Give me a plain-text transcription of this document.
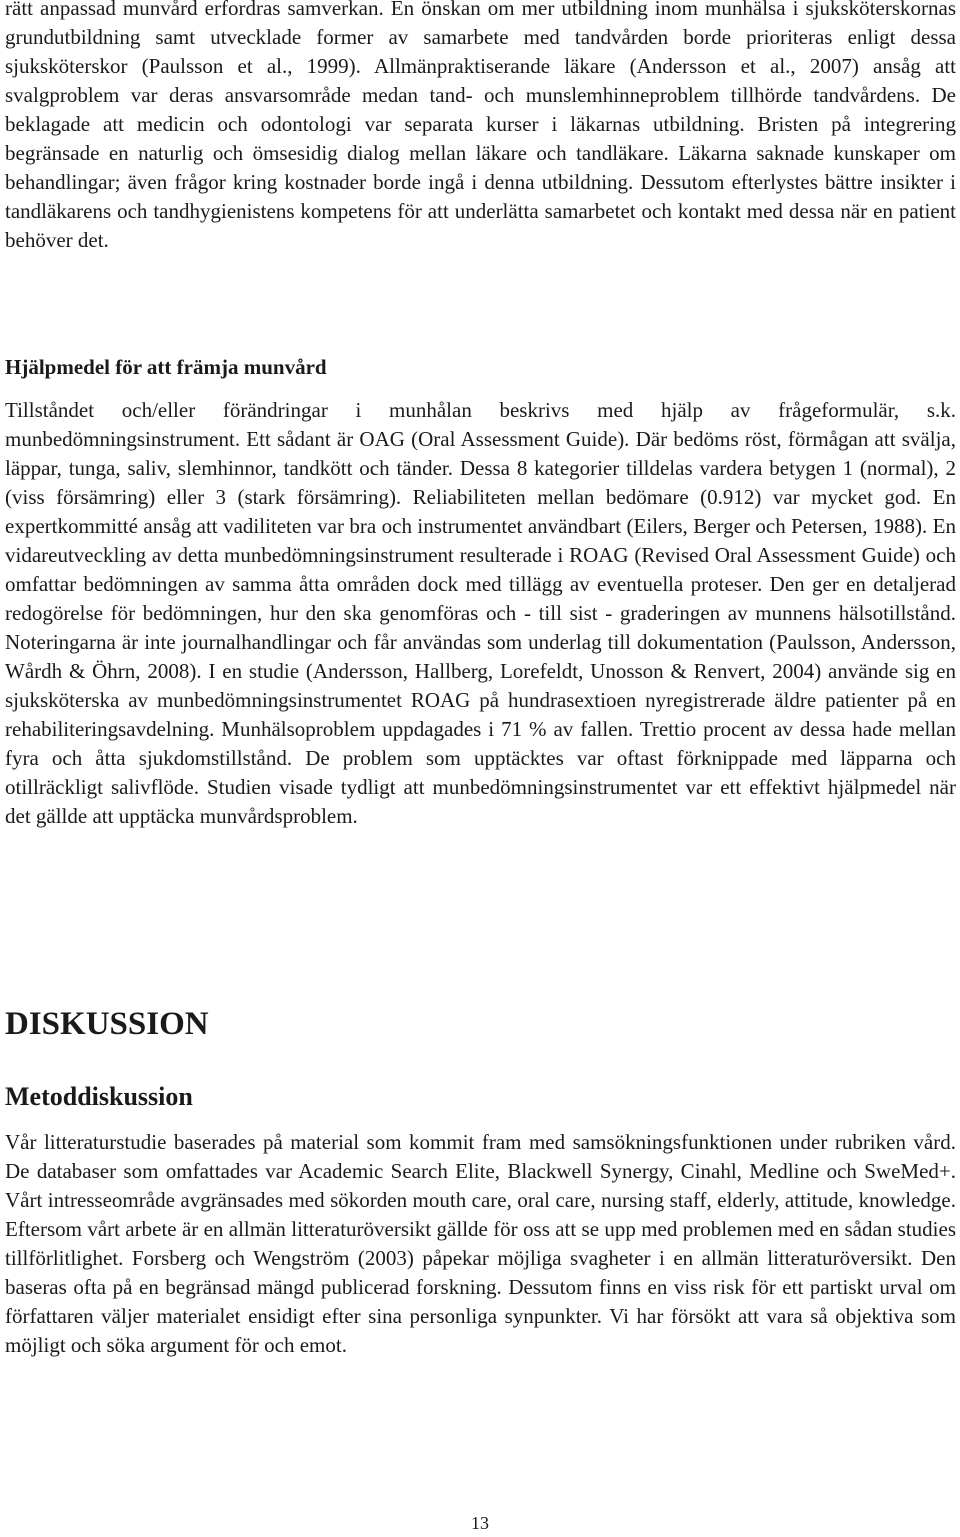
rätt anpassad munvård erfordras samverkan. En önskan om mer utbildning inom munhälsa i sjuksköterskornas grundutbildning samt utvecklade former av samarbete med tandvården borde prioriteras enligt dessa sjuksköterskor (Paulsson et al., 1999). Allmänpraktiserande läkare (Andersson et al., 2007) ansåg att svalgproblem var deras ansvarsområde medan tand- och munslemhinneproblem tillhörde tandvårdens. De beklagade att medicin och odontologi var separata kurser i läkarnas utbildning. Bristen på integrering begränsade en naturlig och ömsesidig dialog mellan läkare och tandläkare. Läkarna saknade kunskaper om behandlingar; även frågor kring kostnader borde ingå i denna utbildning. Dessutom efterlystes bättre insikter i tandläkarens och tandhygienistens kompetens för att underlätta samarbetet och kontakt med dessa när en patient behöver det.

Hjälpmedel för att främja munvård

Tillståndet och/eller förändringar i munhålan beskrivs med hjälp av frågeformulär, s.k. munbedömningsinstrument. Ett sådant är OAG (Oral Assessment Guide). Där bedöms röst, förmågan att svälja, läppar, tunga, saliv, slemhinnor, tandkött och tänder. Dessa 8 kategorier tilldelas vardera betygen 1 (normal), 2 (viss försämring) eller 3 (stark försämring). Reliabiliteten mellan bedömare (0.912) var mycket god. En expertkommitté ansåg att vadiliteten var bra och instrumentet användbart (Eilers, Berger och Petersen, 1988). En vidareutveckling av detta munbedömningsinstrument resulterade i ROAG (Revised Oral Assessment Guide) och omfattar bedömningen av samma åtta områden dock med tillägg av eventuella proteser. Den ger en detaljerad redogörelse för bedömningen, hur den ska genomföras och - till sist - graderingen av munnens hälsotillstånd. Noteringarna är inte journalhandlingar och får användas som underlag till dokumentation (Paulsson, Andersson, Wårdh & Öhrn, 2008). I en studie (Andersson, Hallberg, Lorefeldt, Unosson & Renvert, 2004) använde sig en sjuksköterska av munbedömningsinstrumentet ROAG på hundrasextioen nyregistrerade äldre patienter på en rehabiliteringsavdelning. Munhälsoproblem uppdagades i 71 % av fallen. Trettio procent av dessa hade mellan fyra och åtta sjukdomstillstånd. De problem som upptäcktes var oftast förknippade med läpparna och otillräckligt salivflöde. Studien visade tydligt att munbedömningsinstrumentet var ett effektivt hjälpmedel när det gällde att upptäcka munvårdsproblem.

DISKUSSION
Metoddiskussion

Vår litteraturstudie baserades på material som kommit fram med samsökningsfunktionen under rubriken vård. De databaser som omfattades var Academic Search Elite, Blackwell Synergy, Cinahl, Medline och SweMed+. Vårt intresseområde avgränsades med sökorden mouth care, oral care, nursing staff, elderly, attitude, knowledge. Eftersom vårt arbete är en allmän litteraturöversikt gällde för oss att se upp med problemen med en sådan studies tillförlitlighet. Forsberg och Wengström (2003) påpekar möjliga svagheter i en allmän litteraturöversikt. Den baseras ofta på en begränsad mängd publicerad forskning. Dessutom finns en viss risk för ett partiskt urval om författaren väljer materialet ensidigt efter sina personliga synpunkter. Vi har försökt att vara så objektiva som möjligt och söka argument för och emot.

13
